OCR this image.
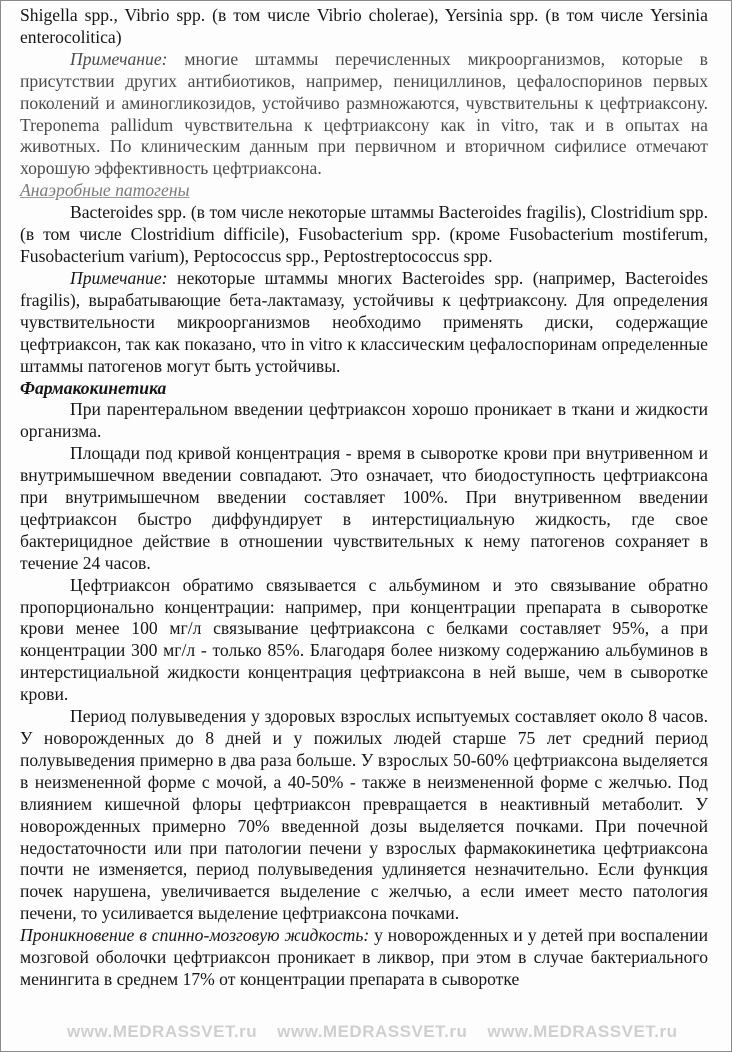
Shigella spp., Vibrio spp. (в том числе Vibrio cholerae), Yersinia spp. (в том числе Yersinia enterocolitica)

Примечание: многие штаммы перечисленных микроорганизмов, которые в присутствии других антибиотиков, например, пенициллинов, цефалоспоринов первых поколений и аминогликозидов, устойчиво размножаются, чувствительны к цефтриаксону. Treponema pallidum чувствительна к цефтриаксону как in vitro, так и в опытах на животных. По клиническим данным при первичном и вторичном сифилисе отмечают хорошую эффективность цефтриаксона.

Анаэробные патогены

Bacteroides spp. (в том числе некоторые штаммы Bacteroides fragilis), Clostridium spp. (в том числе Clostridium difficile), Fusobacterium spp. (кроме Fusobacterium mostiferum, Fusobacterium varium), Peptococcus spp., Peptostreptococcus spp.

Примечание: некоторые штаммы многих Bacteroides spp. (например, Bacteroides fragilis), вырабатывающие бета-лактамазу, устойчивы к цефтриаксону. Для определения чувствительности микроорганизмов необходимо применять диски, содержащие цефтриаксон, так как показано, что in vitro к классическим цефалоспоринам определенные штаммы патогенов могут быть устойчивы.

Фармакокинетика

При парентеральном введении цефтриаксон хорошо проникает в ткани и жидкости организма.

Площади под кривой концентрация - время в сыворотке крови при внутривенном и внутримышечном введении совпадают. Это означает, что биодоступность цефтриаксона при внутримышечном введении составляет 100%. При внутривенном введении цефтриаксон быстро диффундирует в интерстициальную жидкость, где свое бактерицидное действие в отношении чувствительных к нему патогенов сохраняет в течение 24 часов.

Цефтриаксон обратимо связывается с альбумином и это связывание обратно пропорционально концентрации: например, при концентрации препарата в сыворотке крови менее 100 мг/л связывание цефтриаксона с белками составляет 95%, а при концентрации 300 мг/л - только 85%. Благодаря более низкому содержанию альбуминов в интерстициальной жидкости концентрация цефтриаксона в ней выше, чем в сыворотке крови.

Период полувыведения у здоровых взрослых испытуемых составляет около 8 часов. У новорожденных до 8 дней и у пожилых людей старше 75 лет средний период полувыведения примерно в два раза больше. У взрослых 50-60% цефтриаксона выделяется в неизмененной форме с мочой, а 40-50% - также в неизмененной форме с желчью. Под влиянием кишечной флоры цефтриаксон превращается в неактивный метаболит. У новорожденных примерно 70% введенной дозы выделяется почками. При почечной недостаточности или при патологии печени у взрослых фармакокинетика цефтриаксона почти не изменяется, период полувыведения удлиняется незначительно. Если функция почек нарушена, увеличивается выделение с желчью, а если имеет место патология печени, то усиливается выделение цефтриаксона почками.

Проникновение в спинно-мозговую жидкость: у новорожденных и у детей при воспалении мозговой оболочки цефтриаксон проникает в ликвор, при этом в случае бактериального менингита в среднем 17% от концентрации препарата в сыворотке

www.MEDRASSVET.ru www.MEDRASSVET.ru www.MEDRASSVET.ru
